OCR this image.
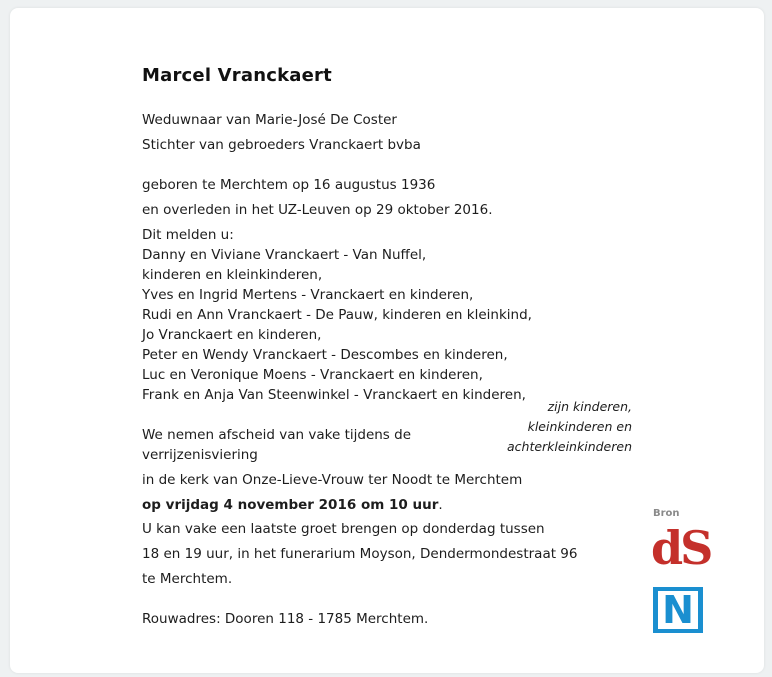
Marcel Vranckaert
Weduwnaar van Marie-José De Coster
Stichter van gebroeders Vranckaert bvba
geboren te Merchtem op 16 augustus 1936
en overleden in het UZ-Leuven op 29 oktober 2016.
Dit melden u:
Danny en Viviane Vranckaert - Van Nuffel,
kinderen en kleinkinderen,
Yves en Ingrid Mertens - Vranckaert en kinderen,
Rudi en Ann Vranckaert - De Pauw, kinderen en kleinkind,
Jo Vranckaert en kinderen,
Peter en Wendy Vranckaert - Descombes en kinderen,
Luc en Veronique Moens - Vranckaert en kinderen,
Frank en Anja Van Steenwinkel - Vranckaert en kinderen,
zijn kinderen,
kleinkinderen en
achterkleinkinderen
We nemen afscheid van vake tijdens de
verrijzenisviering
in de kerk van Onze-Lieve-Vrouw ter Noodt te Merchtem
op vrijdag 4 november 2016 om 10 uur.
U kan vake een laatste groet brengen op donderdag tussen
18 en 19 uur, in het funerarium Moyson, Dendermondestraat 96
te Merchtem.
Rouwadres: Dooren 118 - 1785 Merchtem.
Bron
dS
N
